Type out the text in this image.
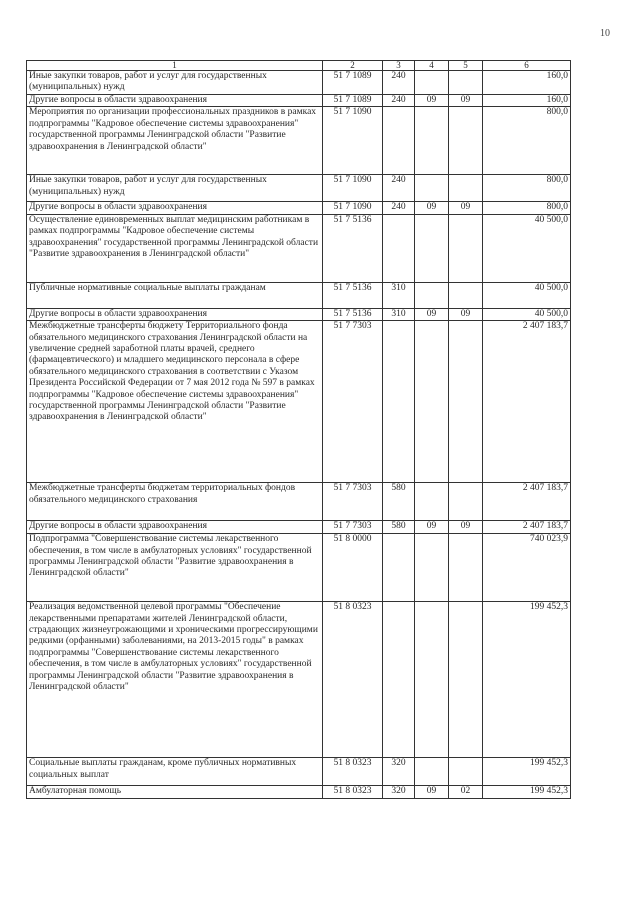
10
1	2	3	4	5	6
Иные закупки товаров, работ и услуг для государственных (муниципальных) нужд	51 7 1089	240			160,0
Другие вопросы в области здравоохранения	51 7 1089	240	09	09	160,0
Мероприятия по организации профессиональных праздников в рамках подпрограммы "Кадровое обеспечение системы здравоохранения" государственной программы Ленинградской области "Развитие здравоохранения в Ленинградской области"	51 7 1090				800,0
Иные закупки товаров, работ и услуг для государственных (муниципальных) нужд	51 7 1090	240			800,0
Другие вопросы в области здравоохранения	51 7 1090	240	09	09	800,0
Осуществление единовременных выплат медицинским работникам в рамках подпрограммы "Кадровое обеспечение системы здравоохранения" государственной программы Ленинградской области "Развитие здравоохранения в Ленинградской области"	51 7 5136				40 500,0
Публичные нормативные социальные выплаты гражданам	51 7 5136	310			40 500,0
Другие вопросы в области здравоохранения	51 7 5136	310	09	09	40 500,0
Межбюджетные трансферты бюджету Территориального фонда обязательного медицинского страхования Ленинградской области на увеличение средней заработной платы врачей, среднего (фармацевтического) и младшего медицинского персонала в сфере обязательного медицинского страхования в соответствии с Указом Президента Российской Федерации от 7 мая 2012 года № 597 в рамках подпрограммы "Кадровое обеспечение системы здравоохранения" государственной программы Ленинградской области "Развитие здравоохранения в Ленинградской области"	51 7 7303				2 407 183,7
Межбюджетные трансферты бюджетам территориальных фондов обязательного медицинского страхования	51 7 7303	580			2 407 183,7
Другие вопросы в области здравоохранения	51 7 7303	580	09	09	2 407 183,7
Подпрограмма "Совершенствование системы лекарственного обеспечения, в том числе в амбулаторных условиях" государственной программы Ленинградской области "Развитие здравоохранения в Ленинградской области"	51 8 0000				740 023,9
Реализация ведомственной целевой программы "Обеспечение лекарственными препаратами жителей Ленинградской области, страдающих жизнеугрожающими и хроническими прогрессирующими редкими (орфанными) заболеваниями, на 2013-2015 годы" в рамках подпрограммы "Совершенствование системы лекарственного обеспечения, в том числе в амбулаторных условиях" государственной программы Ленинградской области "Развитие здравоохранения в Ленинградской области"	51 8 0323				199 452,3
Социальные выплаты гражданам, кроме публичных нормативных социальных выплат	51 8 0323	320			199 452,3
Амбулаторная помощь	51 8 0323	320	09	02	199 452,3
